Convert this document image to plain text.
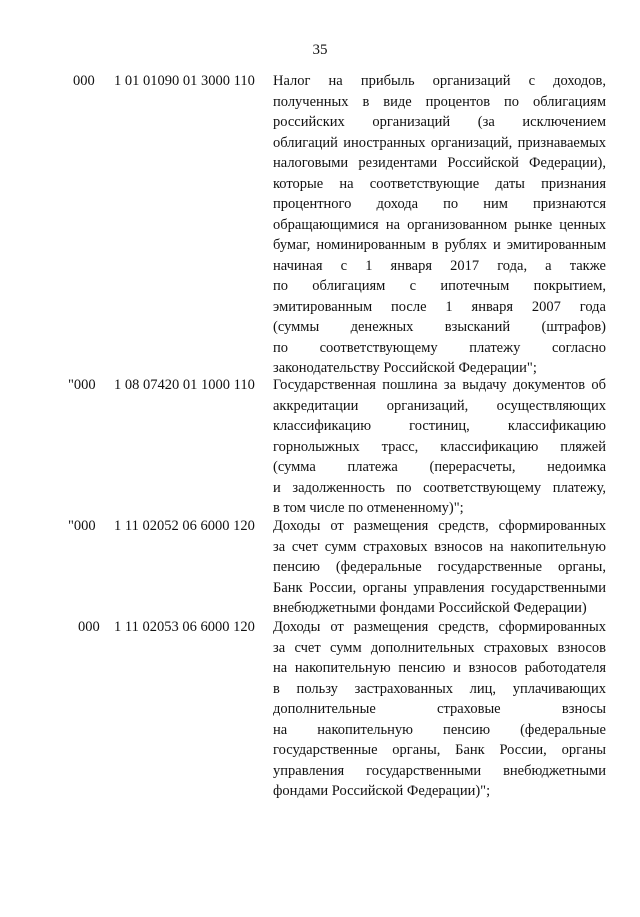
35
000 1 01 01090 01 3000 110 Налог на прибыль организаций с доходов,
полученных в виде процентов по облигациям
российских организаций (за исключением
облигаций иностранных организаций, признаваемых
налоговыми резидентами Российской Федерации),
которые на соответствующие даты признания
процентного дохода по ним признаются
обращающимися на организованном рынке ценных
бумаг, номинированным в рублях и эмитированным
начиная с 1 января 2017 года, а также
по облигациям с ипотечным покрытием,
эмитированным после 1 января 2007 года
(суммы денежных взысканий (штрафов)
по соответствующему платежу согласно
законодательству Российской Федерации";
"000 1 08 07420 01 1000 110 Государственная пошлина за выдачу документов об
аккредитации организаций, осуществляющих
классификацию гостиниц, классификацию
горнолыжных трасс, классификацию пляжей
(сумма платежа (перерасчеты, недоимка
и задолженность по соответствующему платежу,
в том числе по отмененному)";
"000 1 11 02052 06 6000 120 Доходы от размещения средств, сформированных
за счет сумм страховых взносов на накопительную
пенсию (федеральные государственные органы,
Банк России, органы управления государственными
внебюджетными фондами Российской Федерации)
000 1 11 02053 06 6000 120 Доходы от размещения средств, сформированных
за счет сумм дополнительных страховых взносов
на накопительную пенсию и взносов работодателя
в пользу застрахованных лиц, уплачивающих
дополнительные страховые взносы
на накопительную пенсию (федеральные
государственные органы, Банк России, органы
управления государственными внебюджетными
фондами Российской Федерации)";
